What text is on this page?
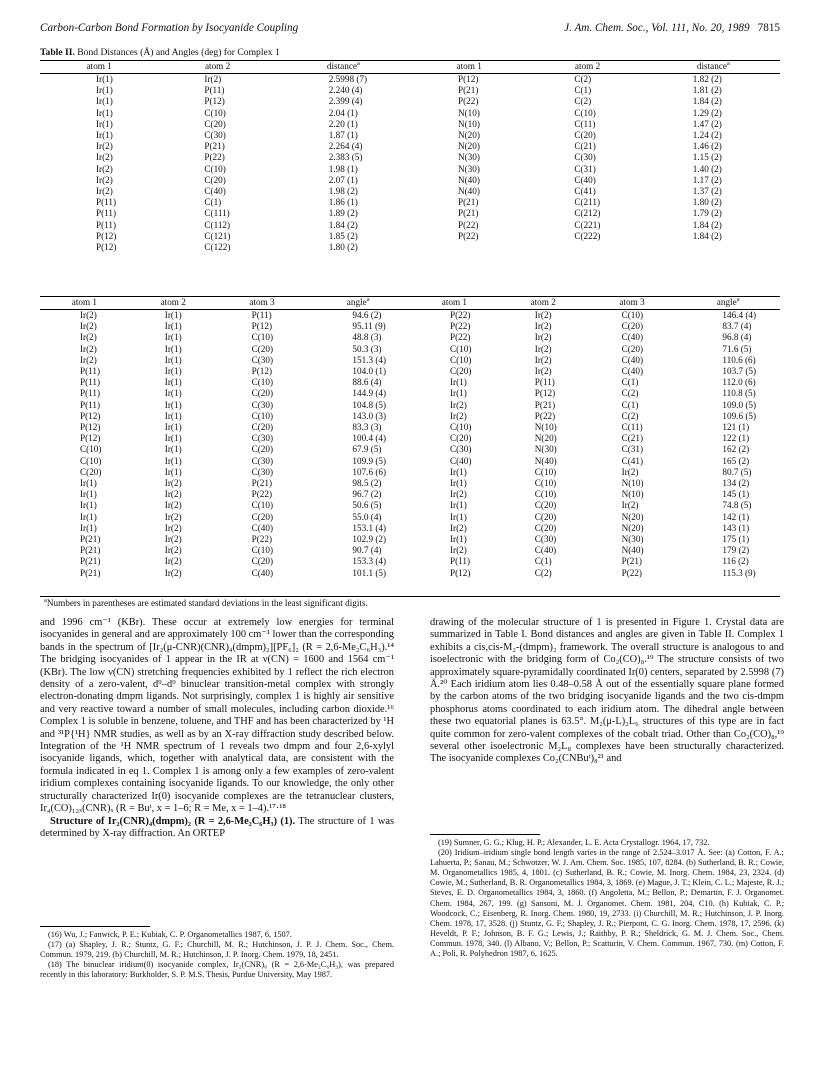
Carbon-Carbon Bond Formation by Isocyanide Coupling	J. Am. Chem. Soc., Vol. 111, No. 20, 1989 7815
Table II. Bond Distances (Å) and Angles (deg) for Complex 1
atom 1	atom 2	distance$^a$	atom 1	atom 2	distance$^a$
Ir(1)	Ir(2)	2.5998 (7)	P(12)	C(2)	1.82 (2)
Ir(1)	P(11)	2.240 (4)	P(21)	C(1)	1.81 (2)
Ir(1)	P(12)	2.399 (4)	P(22)	C(2)	1.84 (2)
Ir(1)	C(10)	2.04 (1)	N(10)	C(10)	1.29 (2)
Ir(1)	C(20)	2.20 (1)	N(10)	C(11)	1.47 (2)
Ir(1)	C(30)	1.87 (1)	N(20)	C(20)	1.24 (2)
Ir(2)	P(21)	2.264 (4)	N(20)	C(21)	1.46 (2)
Ir(2)	P(22)	2.383 (5)	N(30)	C(30)	1.15 (2)
Ir(2)	C(10)	1.98 (1)	N(30)	C(31)	1.40 (2)
Ir(2)	C(20)	2.07 (1)	N(40)	C(40)	1.17 (2)
Ir(2)	C(40)	1.98 (2)	N(40)	C(41)	1.37 (2)
P(11)	C(1)	1.86 (1)	P(21)	C(211)	1.80 (2)
P(11)	C(111)	1.89 (2)	P(21)	C(212)	1.79 (2)
P(11)	C(112)	1.84 (2)	P(22)	C(221)	1.84 (2)
P(12)	C(121)	1.85 (2)	P(22)	C(222)	1.84 (2)
P(12)	C(122)	1.80 (2)			
atom 1	atom 2	atom 3	angle$^a$	atom 1	atom 2	atom 3	angle$^a$
Ir(2)	Ir(1)	P(11)	94.6 (2)	P(22)	Ir(2)	C(10)	146.4 (4)
Ir(2)	Ir(1)	P(12)	95.11 (9)	P(22)	Ir(2)	C(20)	83.7 (4)
Ir(2)	Ir(1)	C(10)	48.8 (3)	P(22)	Ir(2)	C(40)	96.8 (4)
Ir(2)	Ir(1)	C(20)	50.3 (3)	C(10)	Ir(2)	C(20)	71.6 (5)
Ir(2)	Ir(1)	C(30)	151.3 (4)	C(10)	Ir(2)	C(40)	110.6 (6)
P(11)	Ir(1)	P(12)	104.0 (1)	C(20)	Ir(2)	C(40)	103.7 (5)
P(11)	Ir(1)	C(10)	88.6 (4)	Ir(1)	P(11)	C(1)	112.0 (6)
P(11)	Ir(1)	C(20)	144.9 (4)	Ir(1)	P(12)	C(2)	110.8 (5)
P(11)	Ir(1)	C(30)	104.8 (5)	Ir(2)	P(21)	C(1)	109.0 (5)
P(12)	Ir(1)	C(10)	143.0 (3)	Ir(2)	P(22)	C(2)	109.6 (5)
P(12)	Ir(1)	C(20)	83.3 (3)	C(10)	N(10)	C(11)	121 (1)
P(12)	Ir(1)	C(30)	100.4 (4)	C(20)	N(20)	C(21)	122 (1)
C(10)	Ir(1)	C(20)	67.9 (5)	C(30)	N(30)	C(31)	162 (2)
C(10)	Ir(1)	C(30)	109.9 (5)	C(40)	N(40)	C(41)	165 (2)
C(20)	Ir(1)	C(30)	107.6 (6)	Ir(1)	C(10)	Ir(2)	80.7 (5)
Ir(1)	Ir(2)	P(21)	98.5 (2)	Ir(1)	C(10)	N(10)	134 (2)
Ir(1)	Ir(2)	P(22)	96.7 (2)	Ir(2)	C(10)	N(10)	145 (1)
Ir(1)	Ir(2)	C(10)	50.6 (5)	Ir(1)	C(20)	Ir(2)	74.8 (5)
Ir(1)	Ir(2)	C(20)	55.0 (4)	Ir(1)	C(20)	N(20)	142 (1)
Ir(1)	Ir(2)	C(40)	153.1 (4)	Ir(2)	C(20)	N(20)	143 (1)
P(21)	Ir(2)	P(22)	102.9 (2)	Ir(1)	C(30)	N(30)	175 (1)
P(21)	Ir(2)	C(10)	90.7 (4)	Ir(2)	C(40)	N(40)	179 (2)
P(21)	Ir(2)	C(20)	153.3 (4)	P(11)	C(1)	P(21)	116 (2)
P(21)	Ir(2)	C(40)	101.1 (5)	P(12)	C(2)	P(22)	115.3 (9)
$^a$Numbers in parentheses are estimated standard deviations in the least significant digits.

and 1996 cm⁻¹ (KBr). These occur at extremely low energies for terminal isocyanides in general and are approximately 100 cm⁻¹ lower than the corresponding bands in the spectrum of [Ir₂(μ-CNR)(CNR)₄(dmpm)₂][PF₆]₂ (R = 2,6-Me₂C₆H₃).¹⁴ The bridging isocyanides of 1 appear in the IR at ν(CN) = 1600 and 1564 cm⁻¹ (KBr). The low ν(CN) stretching frequencies exhibited by 1 reflect the rich electron density of a zero-valent, d⁹–d⁹ binuclear transition-metal complex with strongly electron-donating dmpm ligands. Not surprisingly, complex 1 is highly air sensitive and very reactive toward a number of small molecules, including carbon dioxide.¹⁶ Complex 1 is soluble in benzene, toluene, and THF and has been characterized by ¹H and ³¹P{¹H} NMR studies, as well as by an X-ray diffraction study described below. Integration of the ¹H NMR spectrum of 1 reveals two dmpm and four 2,6-xylyl isocyanide ligands, which, together with analytical data, are consistent with the formula indicated in eq 1. Complex 1 is among only a few examples of zero-valent iridium complexes containing isocyanide ligands. To our knowledge, the only other structurally characterized Ir(0) isocyanide complexes are the tetranuclear clusters, Ir₄(CO)₁₂ₓ(CNR)ₓ (R = Buᵗ, x = 1–6; R = Me, x = 1–4).¹⁷·¹⁸

Structure of Ir₂(CNR)₄(dmpm)₂ (R = 2,6-Me₂C₆H₃) (1). The structure of 1 was determined by X-ray diffraction. An ORTEP

drawing of the molecular structure of 1 is presented in Figure 1. Crystal data are summarized in Table I. Bond distances and angles are given in Table II. Complex 1 exhibits a cis,cis-M₂-(dmpm)₂ framework. The overall structure is analogous to and isoelectronic with the bridging form of Co₂(CO)₈.¹⁹ The structure consists of two approximately square-pyramidally coordinated Ir(0) centers, separated by 2.5998 (7) Å.²⁰ Each iridium atom lies 0.48–0.58 Å out of the essentially square plane formed by the carbon atoms of the two bridging isocyanide ligands and the two cis-dmpm phosphorus atoms coordinated to each iridium atom. The dihedral angle between these two equatorial planes is 63.5°. M₂(μ-L)₂L₆ structures of this type are in fact quite common for zero-valent complexes of the cobalt triad. Other than Co₂(CO)₈,¹⁹ several other isoelectronic M₂L₈ complexes have been structurally characterized. The isocyanide complexes Co₂(CNBuᵗ)₈²¹ and

(16) Wu, J.; Fanwick, P. E.; Kubiak, C. P. Organometallics 1987, 6, 1507.

(17) (a) Shapley, J. R.; Stuntz, G. F.; Churchill, M. R.; Hutchinson, J. P. J. Chem. Soc., Chem. Commun. 1979, 219. (b) Churchill, M. R.; Hutchinson, J. P. Inorg. Chem. 1979, 18, 2451.

(18) The binuclear iridium(0) isocyanide complex, Ir₂(CNR)₈ (R = 2,6-Me₂C₆H₃), was prepared recently in this laboratory: Burkholder, S. P. M.S. Thesis, Purdue University, May 1987.

(19) Sumner, G. G.; Klug, H. P.; Alexander, L. E. Acta Crystallogr. 1964, 17, 732.

(20) Iridium–iridium single bond length varies in the range of 2.524–3.017 Å. See: (a) Cotton, F. A.; Lahuerta, P.; Sanau, M.; Schwotzer, W. J. Am. Chem. Soc. 1985, 107, 8284. (b) Sutherland, B. R.; Cowie, M. Organometallics 1985, 4, 1801. (c) Sutherland, B. R.; Cowie, M. Inorg. Chem. 1984, 23, 2324. (d) Cowie, M.; Sutherland, B. R. Organometallics 1984, 3, 1869. (e) Mague, J. T.; Klein, C. L.; Majeste, R. J.; Steves, E. D. Organometallics 1984, 3, 1860. (f) Angoletta, M.; Bellon, P.; Demartin, F. J. Organomet. Chem. 1984, 267, 199. (g) Sansoni, M. J. Organomet. Chem. 1981, 204, C10. (h) Kubiak, C. P.; Woodcock, C.; Eisenberg, R. Inorg. Chem. 1980, 19, 2733. (i) Churchill, M. R.; Hutchinson, J. P. Inorg. Chem. 1978, 17, 3528. (j) Stuntz, G. F.; Shapley, J. R.; Pierpont, C. G. Inorg. Chem. 1978, 17, 2596. (k) Heveldt, P. F.; Johnson, B. F. G.; Lewis, J.; Raithby, P. R.; Sheldrick, G. M. J. Chem. Soc., Chem. Commun. 1978, 340. (l) Albano, V.; Bellon, P.; Scatturin, V. Chem. Commun. 1967, 730. (m) Cotton, F. A.; Poli, R. Polyhedron 1987, 6, 1625.
